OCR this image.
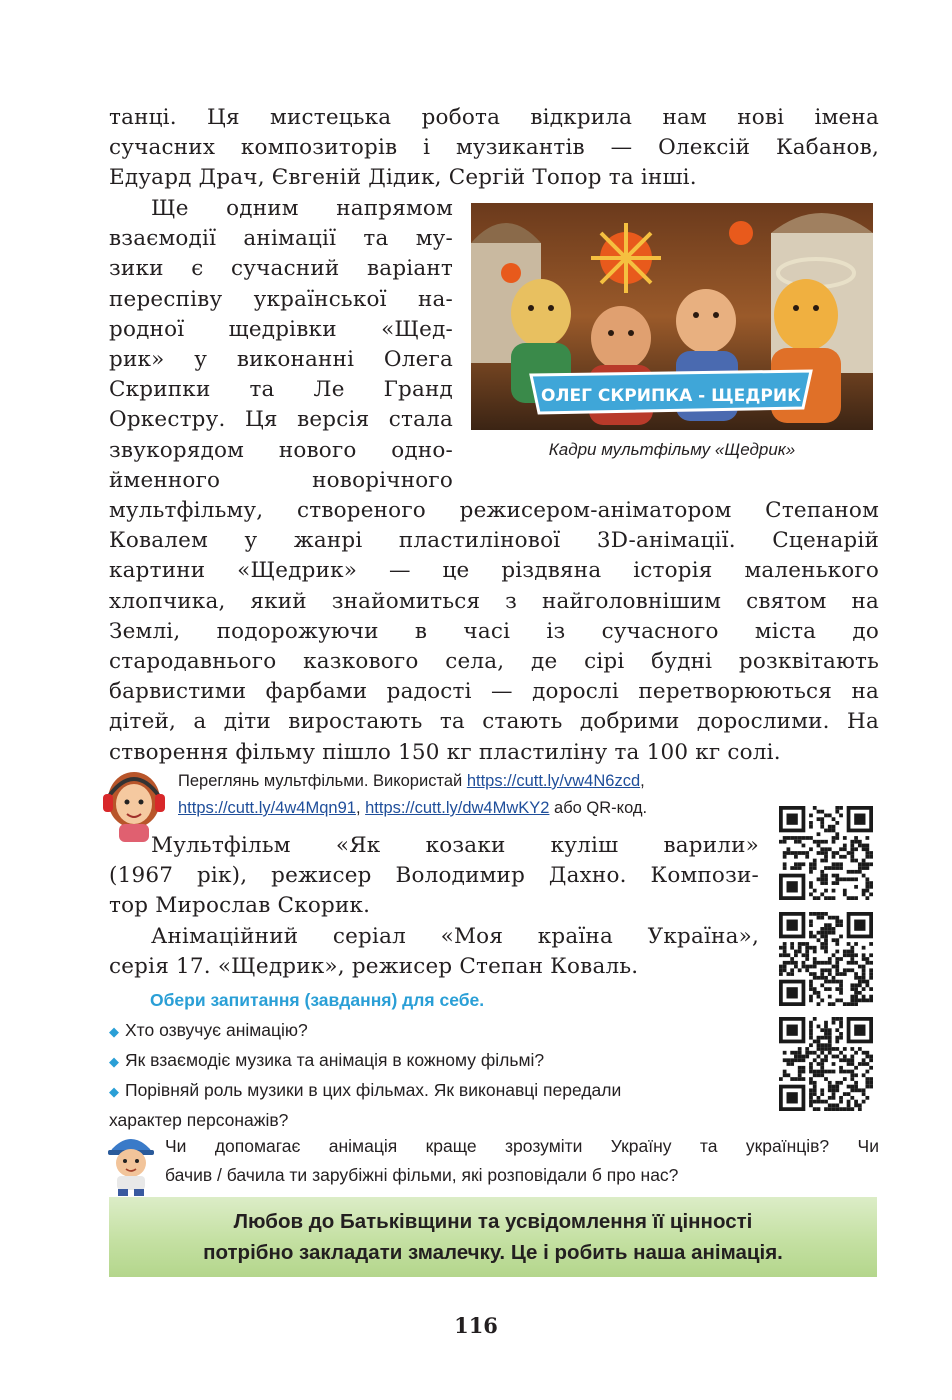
танці. Ця мистецька робота відкрила нам нові імена
сучасних композиторів і музикантів — Олексій Кабанов,
Едуард Драч, Євгеній Дідик, Сергій Топор та інші.
Ще одним напрямом
взаємодії анімації та му-
зики є сучасний варіант
переспіву української на-
родної щедрівки «Щед-
рик» у виконанні Олега
Скрипки та Ле Гранд
Оркестру. Ця версія стала
звукорядом нового одно-
йменного новорічного
ОЛЕГ СКРИПКА - ЩЕДРИК
Кадри мультфільму «Щедрик»
мультфільму, створеного режисером-аніматором Степаном
Ковалем у жанрі пластилінової 3D-анімації. Сценарій
картини «Щедрик» — це різдвяна історія маленького
хлопчика, який знайомиться з найголовнішим святом на
Землі, подорожуючи в часі із сучасного міста до
стародавнього казкового села, де сірі будні розквітають
барвистими фарбами радості — дорослі перетворюються на
дітей, а діти виростають та стають добрими дорослими. На
створення фільму пішло 150 кг пластиліну та 100 кг солі.
Переглянь мультфільми. Використай https://cutt.ly/vw4N6zcd,
https://cutt.ly/4w4Mqn91, https://cutt.ly/dw4MwKY2 або QR-код.
Мультфільм «Як козаки куліш варили»
(1967 рік), режисер Володимир Дахно. Компози-
тор Мирослав Скорик.
Анімаційний серіал «Моя країна Україна»,
серія 17. «Щедрик», режисер Степан Коваль.
Обери запитання (завдання) для себе.
◆ Хто озвучує анімацію?
◆ Як взаємодіє музика та анімація в кожному фільмі?
◆ Порівняй роль музики в цих фільмах. Як виконавці передали
характер персонажів?
Чи допомагає анімація краще зрозуміти Україну та українців? Чи
бачив / бачила ти зарубіжні фільми, які розповідали б про нас?
Любов до Батьківщини та усвідомлення її цінності
потрібно закладати змалечку. Це і робить наша анімація.
116
